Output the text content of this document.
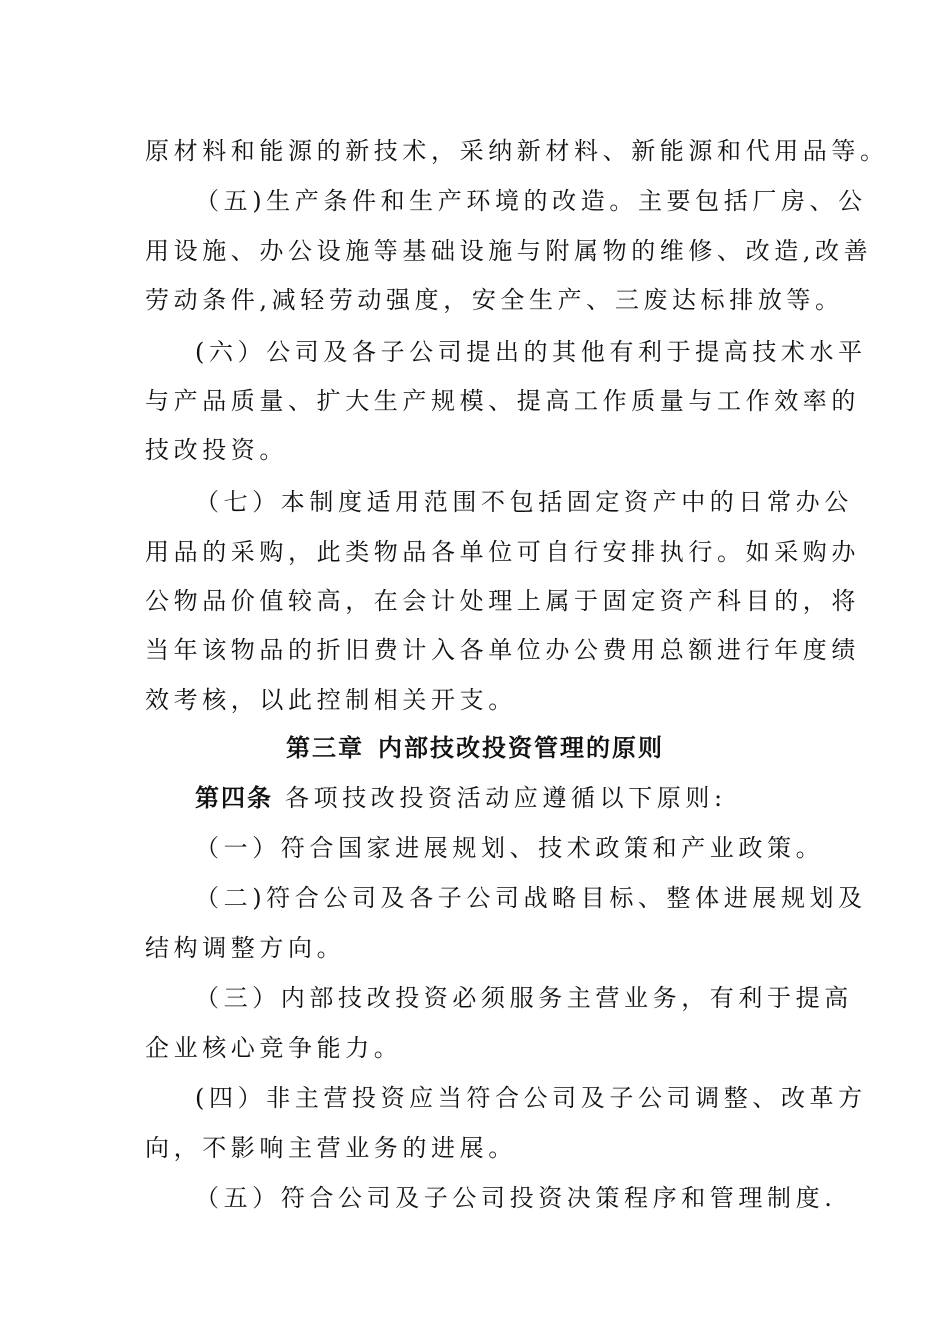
原材料和能源的新技术，采纳新材料、新能源和代用品等。
（五)生产条件和生产环境的改造。主要包括厂房、公
用设施、办公设施等基础设施与附属物的维修、改造,改善
劳动条件,减轻劳动强度，安全生产、三废达标排放等。
(六）公司及各子公司提出的其他有利于提高技术水平
与产品质量、扩大生产规模、提高工作质量与工作效率的
技改投资。
（七）本制度适用范围不包括固定资产中的日常办公
用品的采购，此类物品各单位可自行安排执行。如采购办
公物品价值较高，在会计处理上属于固定资产科目的，将
当年该物品的折旧费计入各单位办公费用总额进行年度绩
效考核，以此控制相关开支。
第三章 内部技改投资管理的原则
第四条 各项技改投资活动应遵循以下原则:
（一）符合国家进展规划、技术政策和产业政策。
（二)符合公司及各子公司战略目标、整体进展规划及
结构调整方向。
（三）内部技改投资必须服务主营业务，有利于提高
企业核心竞争能力。
(四）非主营投资应当符合公司及子公司调整、改革方
向，不影响主营业务的进展。
（五）符合公司及子公司投资决策程序和管理制度.
